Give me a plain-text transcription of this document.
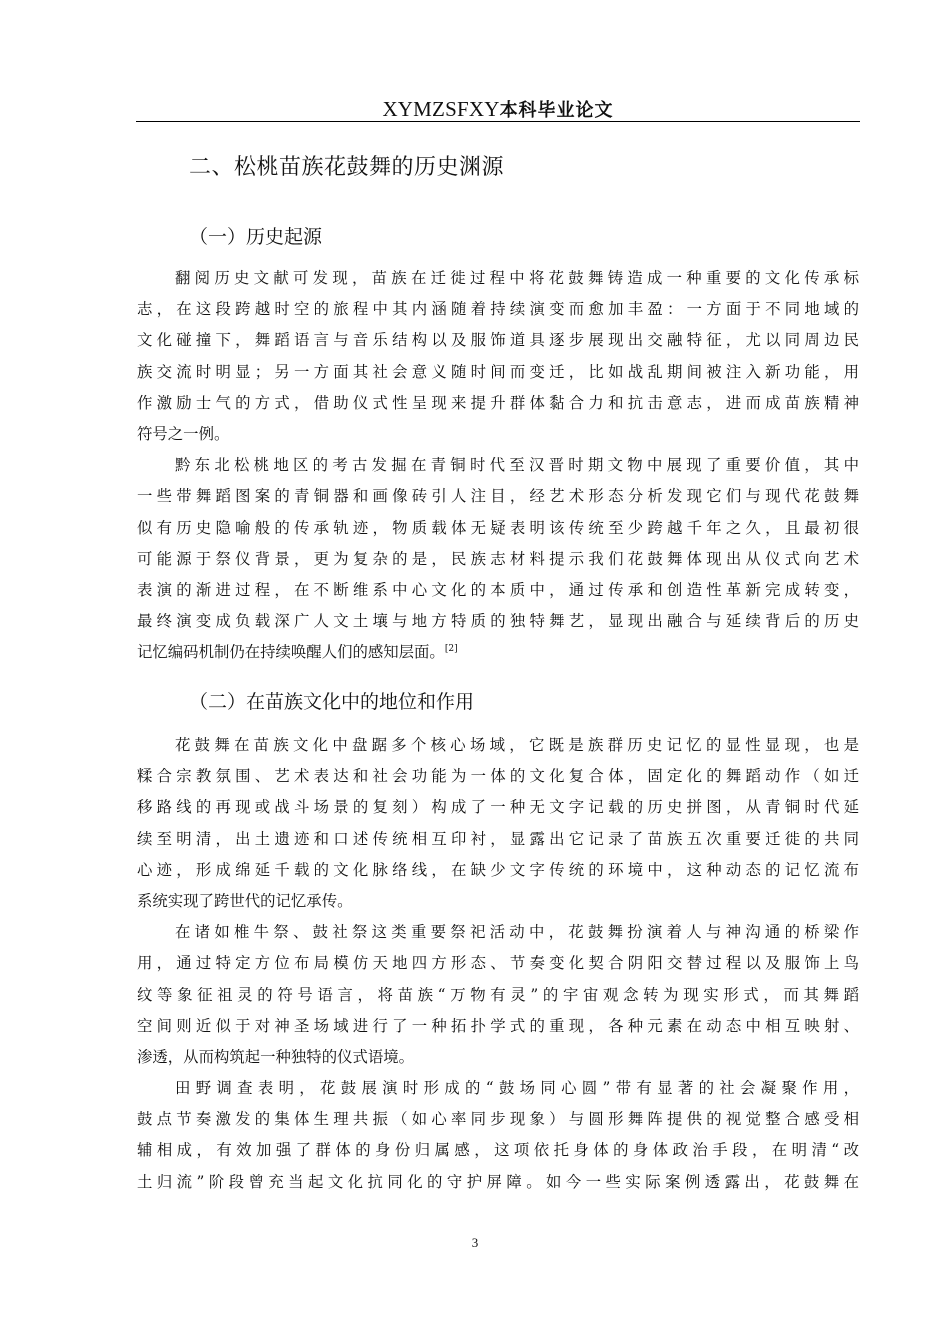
XYMZSFXY本科毕业论文
二、松桃苗族花鼓舞的历史渊源
（一）历史起源
翻阅历史文献可发现，苗族在迁徙过程中将花鼓舞铸造成一种重要的文化传承标
志，在这段跨越时空的旅程中其内涵随着持续演变而愈加丰盈：一方面于不同地域的
文化碰撞下，舞蹈语言与音乐结构以及服饰道具逐步展现出交融特征，尤以同周边民
族交流时明显；另一方面其社会意义随时间而变迁，比如战乱期间被注入新功能，用
作激励士气的方式，借助仪式性呈现来提升群体黏合力和抗击意志，进而成苗族精神
符号之一例。
黔东北松桃地区的考古发掘在青铜时代至汉晋时期文物中展现了重要价值，其中
一些带舞蹈图案的青铜器和画像砖引人注目，经艺术形态分析发现它们与现代花鼓舞
似有历史隐喻般的传承轨迹，物质载体无疑表明该传统至少跨越千年之久，且最初很
可能源于祭仪背景，更为复杂的是，民族志材料提示我们花鼓舞体现出从仪式向艺术
表演的渐进过程，在不断维系中心文化的本质中，通过传承和创造性革新完成转变，
最终演变成负载深广人文土壤与地方特质的独特舞艺，显现出融合与延续背后的历史
记忆编码机制仍在持续唤醒人们的感知层面。[2]
（二）在苗族文化中的地位和作用
花鼓舞在苗族文化中盘踞多个核心场域，它既是族群历史记忆的显性显现，也是
糅合宗教氛围、艺术表达和社会功能为一体的文化复合体，固定化的舞蹈动作（如迁
移路线的再现或战斗场景的复刻）构成了一种无文字记载的历史拼图，从青铜时代延
续至明清，出土遗迹和口述传统相互印衬，显露出它记录了苗族五次重要迁徙的共同
心迹，形成绵延千载的文化脉络线，在缺少文字传统的环境中，这种动态的记忆流布
系统实现了跨世代的记忆承传。
在诸如椎牛祭、鼓社祭这类重要祭祀活动中，花鼓舞扮演着人与神沟通的桥梁作
用，通过特定方位布局模仿天地四方形态、节奏变化契合阴阳交替过程以及服饰上鸟
纹等象征祖灵的符号语言，将苗族“万物有灵”的宇宙观念转为现实形式，而其舞蹈
空间则近似于对神圣场域进行了一种拓扑学式的重现，各种元素在动态中相互映射、
渗透，从而构筑起一种独特的仪式语境。
田野调查表明，花鼓展演时形成的“鼓场同心圆”带有显著的社会凝聚作用，
鼓点节奏激发的集体生理共振（如心率同步现象）与圆形舞阵提供的视觉整合感受相
辅相成，有效加强了群体的身份归属感，这项依托身体的身体政治手段，在明清“改
土归流”阶段曾充当起文化抗同化的守护屏障。如今一些实际案例透露出，花鼓舞在
3
